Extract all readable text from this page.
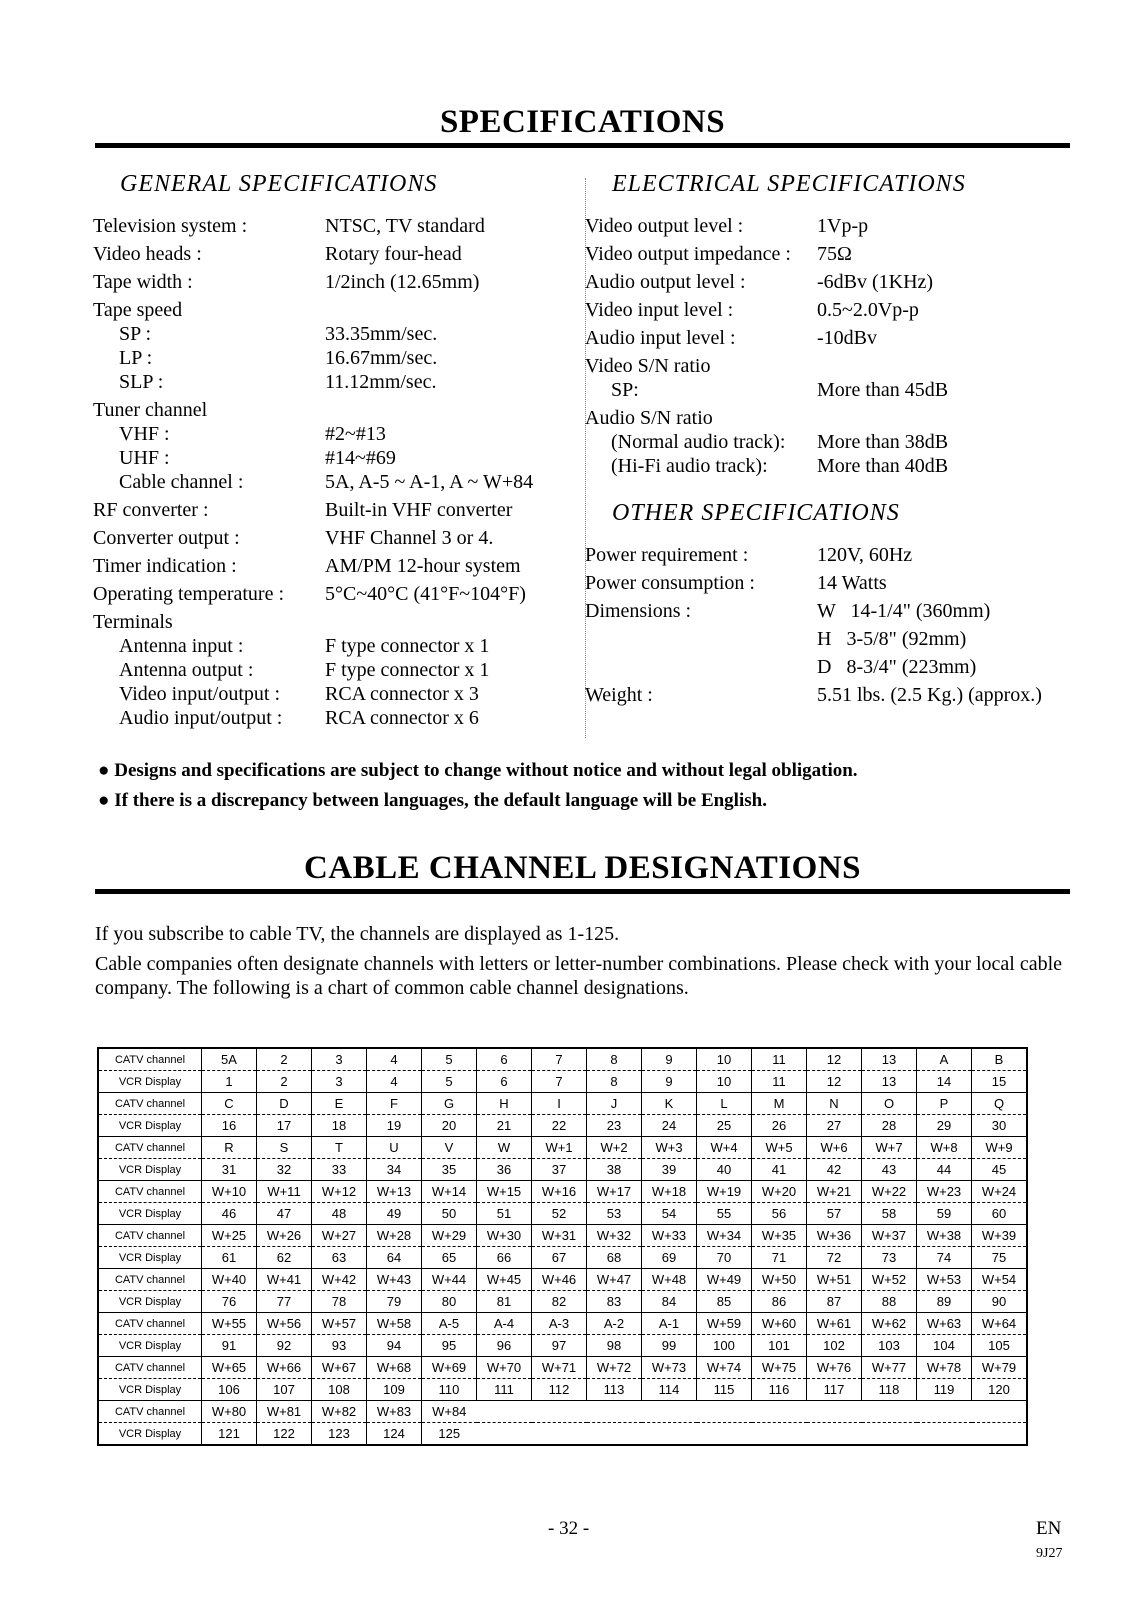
SPECIFICATIONS
GENERAL SPECIFICATIONS
Television system :	NTSC, TV standard
Video heads :	Rotary four-head
Tape width :	1/2inch (12.65mm)
Tape speed
SP :	33.35mm/sec.
LP :	16.67mm/sec.
SLP :	11.12mm/sec.
Tuner channel
VHF :	#2~#13
UHF :	#14~#69
Cable channel :	5A, A-5 ~ A-1, A ~ W+84
RF converter :	Built-in VHF converter
Converter output :	VHF Channel 3 or 4.
Timer indication :	AM/PM 12-hour system
Operating temperature : 5°C~40°C (41°F~104°F)
Terminals
Antenna input :	F type connector x 1
Antenna output :	F type connector x 1
Video input/output : RCA connector x 3
Audio input/output : RCA connector x 6
ELECTRICAL SPECIFICATIONS
Video output level :	1Vp-p
Video output impedance : 75Ω
Audio output level :	-6dBv (1KHz)
Video input level :	0.5~2.0Vp-p
Audio input level :	-10dBv
Video S/N ratio
SP:	More than 45dB
Audio S/N ratio
(Normal audio track): More than 38dB
(Hi-Fi audio track): More than 40dB
OTHER SPECIFICATIONS
Power requirement :	120V, 60Hz
Power consumption :	14 Watts
Dimensions :	W   14-1/4" (360mm)
H   3-5/8" (92mm)
D   8-3/4" (223mm)
Weight :	5.51 lbs. (2.5 Kg.) (approx.)
● Designs and specifications are subject to change without notice and without legal obligation.
● If there is a discrepancy between languages, the default language will be English.
CABLE CHANNEL DESIGNATIONS

If you subscribe to cable TV, the channels are displayed as 1-125.

Cable companies often designate channels with letters or letter-number combinations. Please check with your local cable company. The following is a chart of common cable channel designations.

CATV channel	5A	2	3	4	5	6	7	8	9	10	11	12	13	A	B
VCR Display	1	2	3	4	5	6	7	8	9	10	11	12	13	14	15
CATV channel	C	D	E	F	G	H	I	J	K	L	M	N	O	P	Q
VCR Display	16	17	18	19	20	21	22	23	24	25	26	27	28	29	30
CATV channel	R	S	T	U	V	W	W+1	W+2	W+3	W+4	W+5	W+6	W+7	W+8	W+9
VCR Display	31	32	33	34	35	36	37	38	39	40	41	42	43	44	45
CATV channel	W+10	W+11	W+12	W+13	W+14	W+15	W+16	W+17	W+18	W+19	W+20	W+21	W+22	W+23	W+24
VCR Display	46	47	48	49	50	51	52	53	54	55	56	57	58	59	60
CATV channel	W+25	W+26	W+27	W+28	W+29	W+30	W+31	W+32	W+33	W+34	W+35	W+36	W+37	W+38	W+39
VCR Display	61	62	63	64	65	66	67	68	69	70	71	72	73	74	75
CATV channel	W+40	W+41	W+42	W+43	W+44	W+45	W+46	W+47	W+48	W+49	W+50	W+51	W+52	W+53	W+54
VCR Display	76	77	78	79	80	81	82	83	84	85	86	87	88	89	90
CATV channel	W+55	W+56	W+57	W+58	A-5	A-4	A-3	A-2	A-1	W+59	W+60	W+61	W+62	W+63	W+64
VCR Display	91	92	93	94	95	96	97	98	99	100	101	102	103	104	105
CATV channel	W+65	W+66	W+67	W+68	W+69	W+70	W+71	W+72	W+73	W+74	W+75	W+76	W+77	W+78	W+79
VCR Display	106	107	108	109	110	111	112	113	114	115	116	117	118	119	120
CATV channel	W+80	W+81	W+82	W+83	W+84										
VCR Display	121	122	123	124	125										
- 32 -	EN
9J27
